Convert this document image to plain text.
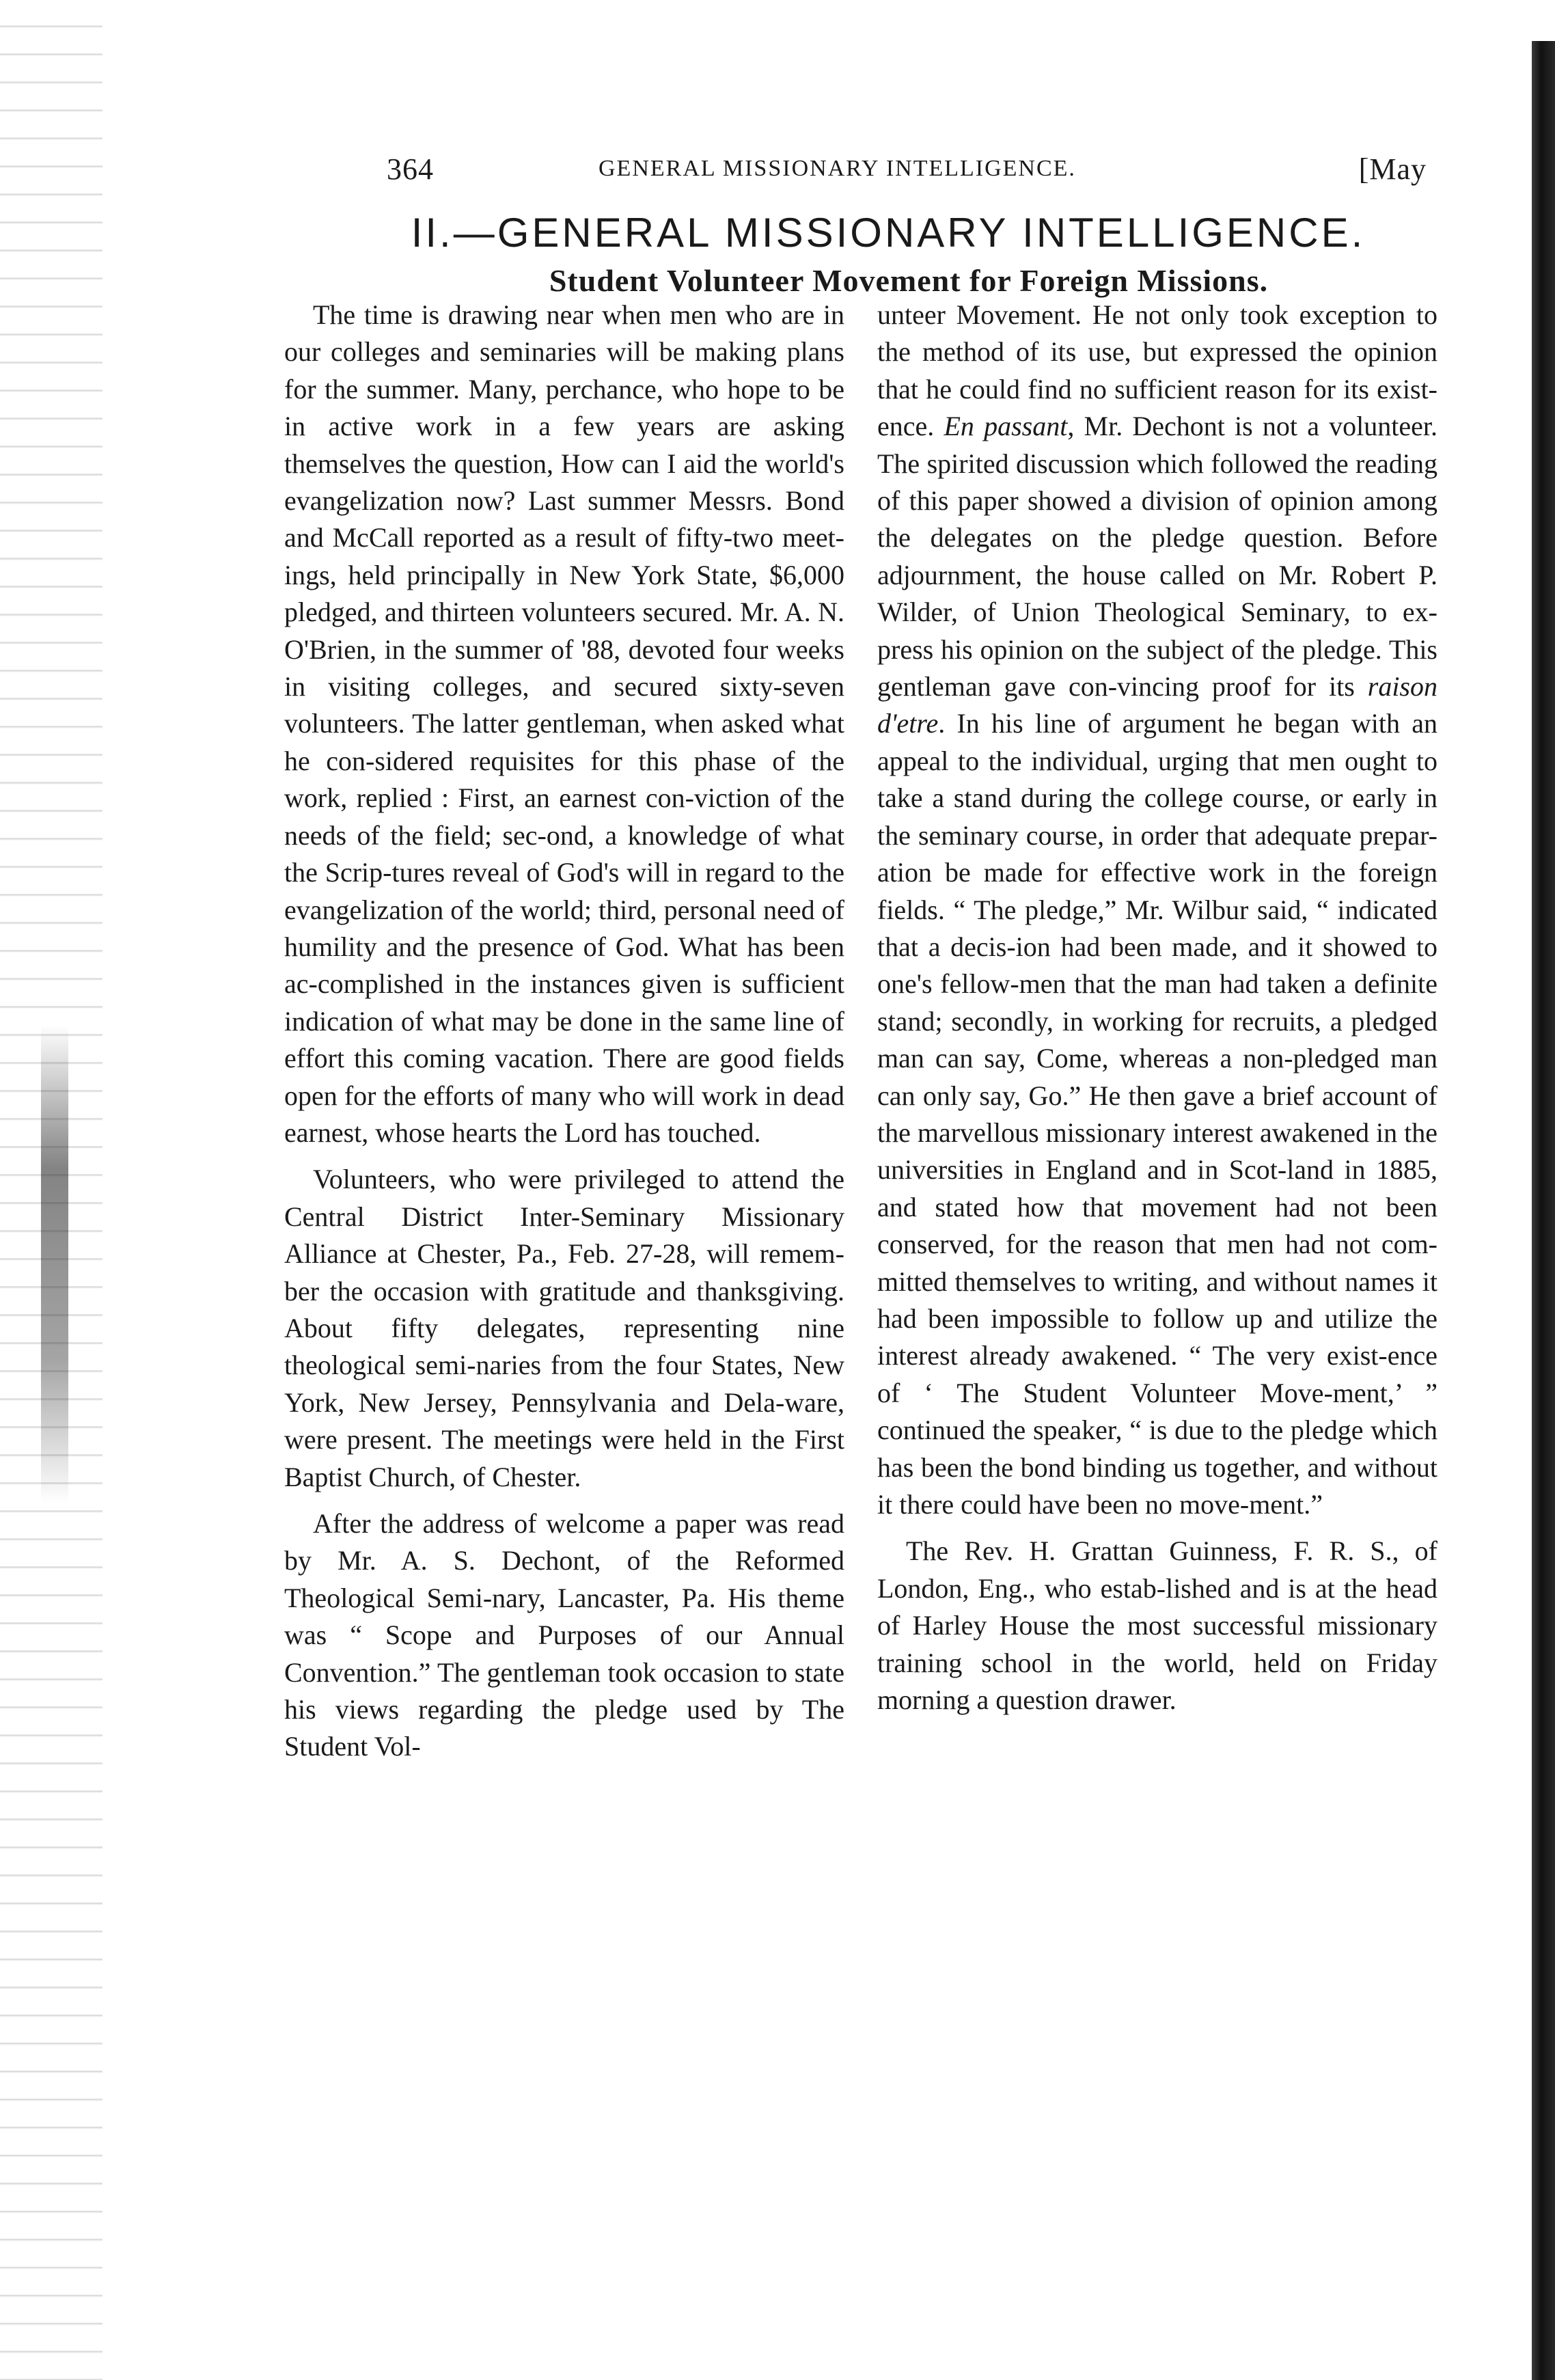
364	GENERAL MISSIONARY INTELLIGENCE.	[May
II.—GENERAL MISSIONARY INTELLIGENCE.
Student Volunteer Movement for Foreign Missions.

The time is drawing near when men who are in our colleges and seminaries will be making plans for the summer. Many, perchance, who hope to be in active work in a few years are asking themselves the question, How can I aid the world's evangelization now? Last summer Messrs. Bond and McCall reported as a result of fifty-two meet-ings, held principally in New York State, $6,000 pledged, and thirteen volunteers secured. Mr. A. N. O'Brien, in the summer of '88, devoted four weeks in visiting colleges, and secured sixty-seven volunteers. The latter gentleman, when asked what he con-sidered requisites for this phase of the work, replied : First, an earnest con-viction of the needs of the field; sec-ond, a knowledge of what the Scrip-tures reveal of God's will in regard to the evangelization of the world; third, personal need of humility and the presence of God. What has been ac-complished in the instances given is sufficient indication of what may be done in the same line of effort this coming vacation. There are good fields open for the efforts of many who will work in dead earnest, whose hearts the Lord has touched.

Volunteers, who were privileged to attend the Central District Inter-Seminary Missionary Alliance at Chester, Pa., Feb. 27-28, will remem-ber the occasion with gratitude and thanksgiving. About fifty delegates, representing nine theological semi-naries from the four States, New York, New Jersey, Pennsylvania and Dela-ware, were present. The meetings were held in the First Baptist Church, of Chester.

After the address of welcome a paper was read by Mr. A. S. Dechont, of the Reformed Theological Semi-nary, Lancaster, Pa. His theme was “ Scope and Purposes of our Annual Convention.” The gentleman took occasion to state his views regarding the pledge used by The Student Vol-

unteer Movement. He not only took exception to the method of its use, but expressed the opinion that he could find no sufficient reason for its exist-ence. En passant, Mr. Dechont is not a volunteer. The spirited discussion which followed the reading of this paper showed a division of opinion among the delegates on the pledge question. Before adjournment, the house called on Mr. Robert P. Wilder, of Union Theological Seminary, to ex-press his opinion on the subject of the pledge. This gentleman gave con-vincing proof for its raison d'etre. In his line of argument he began with an appeal to the individual, urging that men ought to take a stand during the college course, or early in the seminary course, in order that adequate prepar-ation be made for effective work in the foreign fields. “ The pledge,” Mr. Wilbur said, “ indicated that a decis-ion had been made, and it showed to one's fellow-men that the man had taken a definite stand; secondly, in working for recruits, a pledged man can say, Come, whereas a non-pledged man can only say, Go.” He then gave a brief account of the marvellous missionary interest awakened in the universities in England and in Scot-land in 1885, and stated how that movement had not been conserved, for the reason that men had not com-mitted themselves to writing, and without names it had been impossible to follow up and utilize the interest already awakened. “ The very exist-ence of ‘ The Student Volunteer Move-ment,’ ” continued the speaker, “ is due to the pledge which has been the bond binding us together, and without it there could have been no move-ment.”

The Rev. H. Grattan Guinness, F. R. S., of London, Eng., who estab-lished and is at the head of Harley House the most successful missionary training school in the world, held on Friday morning a question drawer.
